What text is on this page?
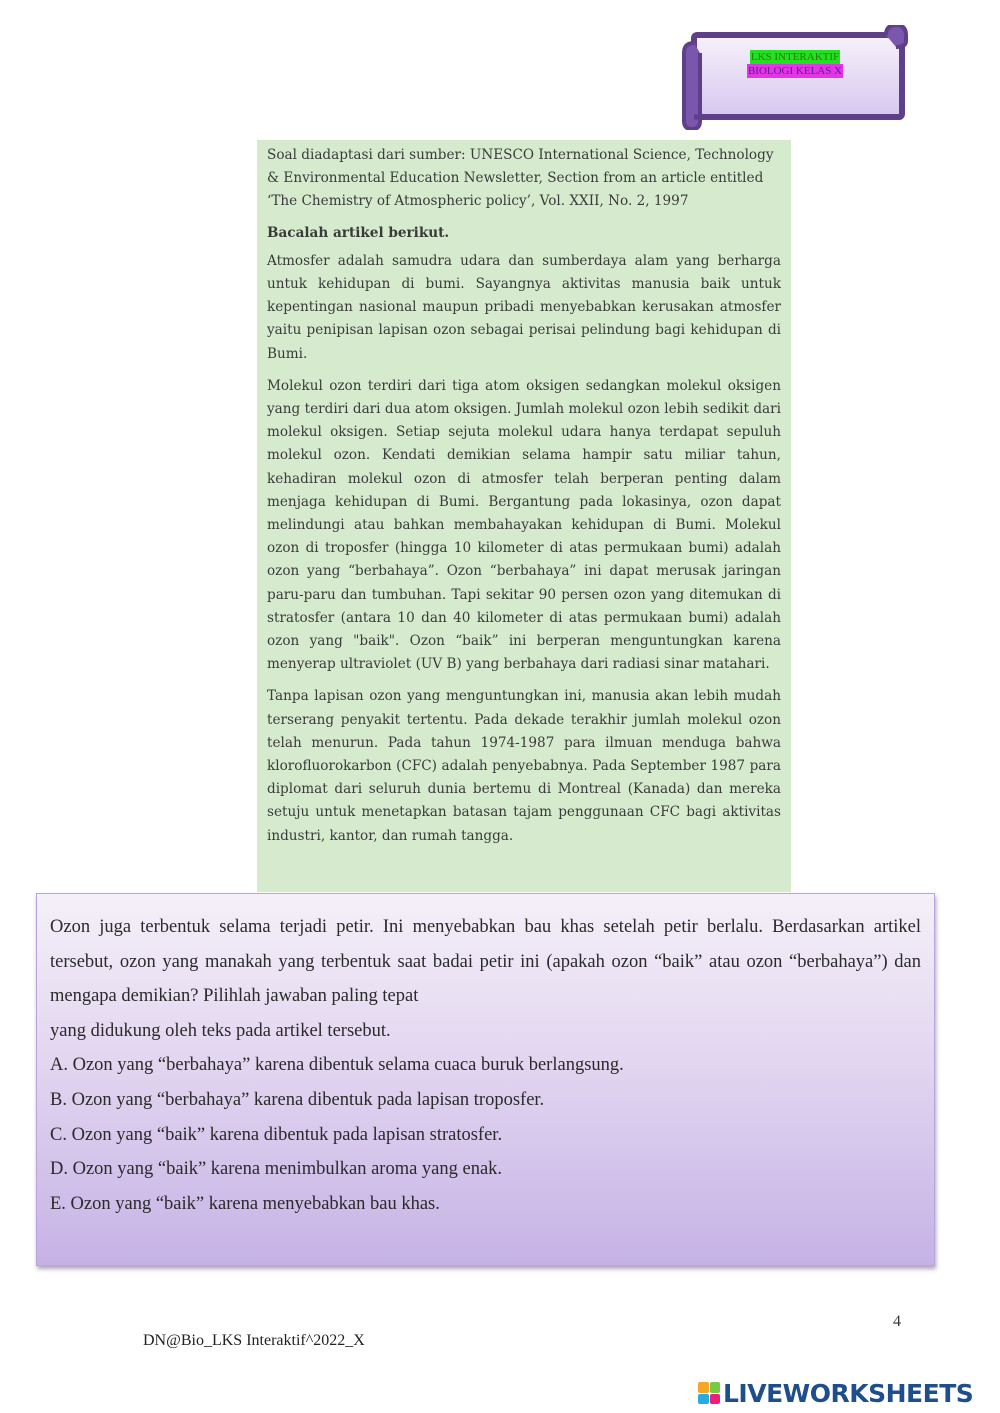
LKS INTERAKTIF
BIOLOGI KELAS X

Soal diadaptasi dari sumber: UNESCO International Science, Technology & Environmental Education Newsletter, Section from an article entitled ‘The Chemistry of Atmospheric policy’, Vol. XXII, No. 2, 1997

Bacalah artikel berikut.

Atmosfer adalah samudra udara dan sumberdaya alam yang berharga untuk kehidupan di bumi. Sayangnya aktivitas manusia baik untuk kepentingan nasional maupun pribadi menyebabkan kerusakan atmosfer yaitu penipisan lapisan ozon sebagai perisai pelindung bagi kehidupan di Bumi.

Molekul ozon terdiri dari tiga atom oksigen sedangkan molekul oksigen yang terdiri dari dua atom oksigen. Jumlah molekul ozon lebih sedikit dari molekul oksigen. Setiap sejuta molekul udara hanya terdapat sepuluh molekul ozon. Kendati demikian selama hampir satu miliar tahun, kehadiran molekul ozon di atmosfer telah berperan penting dalam menjaga kehidupan di Bumi. Bergantung pada lokasinya, ozon dapat melindungi atau bahkan membahayakan kehidupan di Bumi. Molekul ozon di troposfer (hingga 10 kilometer di atas permukaan bumi) adalah ozon yang “berbahaya”. Ozon “berbahaya” ini dapat merusak jaringan paru-paru dan tumbuhan. Tapi sekitar 90 persen ozon yang ditemukan di stratosfer (antara 10 dan 40 kilometer di atas permukaan bumi) adalah ozon yang "baik". Ozon “baik” ini berperan menguntungkan karena menyerap ultraviolet (UV B) yang berbahaya dari radiasi sinar matahari.

Tanpa lapisan ozon yang menguntungkan ini, manusia akan lebih mudah terserang penyakit tertentu. Pada dekade terakhir jumlah molekul ozon telah menurun. Pada tahun 1974-1987 para ilmuan menduga bahwa klorofluorokarbon (CFC) adalah penyebabnya. Pada September 1987 para diplomat dari seluruh dunia bertemu di Montreal (Kanada) dan mereka setuju untuk menetapkan batasan tajam penggunaan CFC bagi aktivitas industri, kantor, dan rumah tangga.

Ozon juga terbentuk selama terjadi petir. Ini menyebabkan bau khas setelah petir berlalu. Berdasarkan artikel tersebut, ozon yang manakah yang terbentuk saat badai petir ini (apakah ozon “baik” atau ozon “berbahaya”) dan mengapa demikian? Pilihlah jawaban paling tepat

yang didukung oleh teks pada artikel tersebut.

A. Ozon yang “berbahaya” karena dibentuk selama cuaca buruk berlangsung.

B. Ozon yang “berbahaya” karena dibentuk pada lapisan troposfer.

C. Ozon yang “baik” karena dibentuk pada lapisan stratosfer.

D. Ozon yang “baik” karena menimbulkan aroma yang enak.

E. Ozon yang “baik” karena menyebabkan bau khas.

4
DN@Bio_LKS Interaktif^2022_X
LIVEWORKSHEETS
